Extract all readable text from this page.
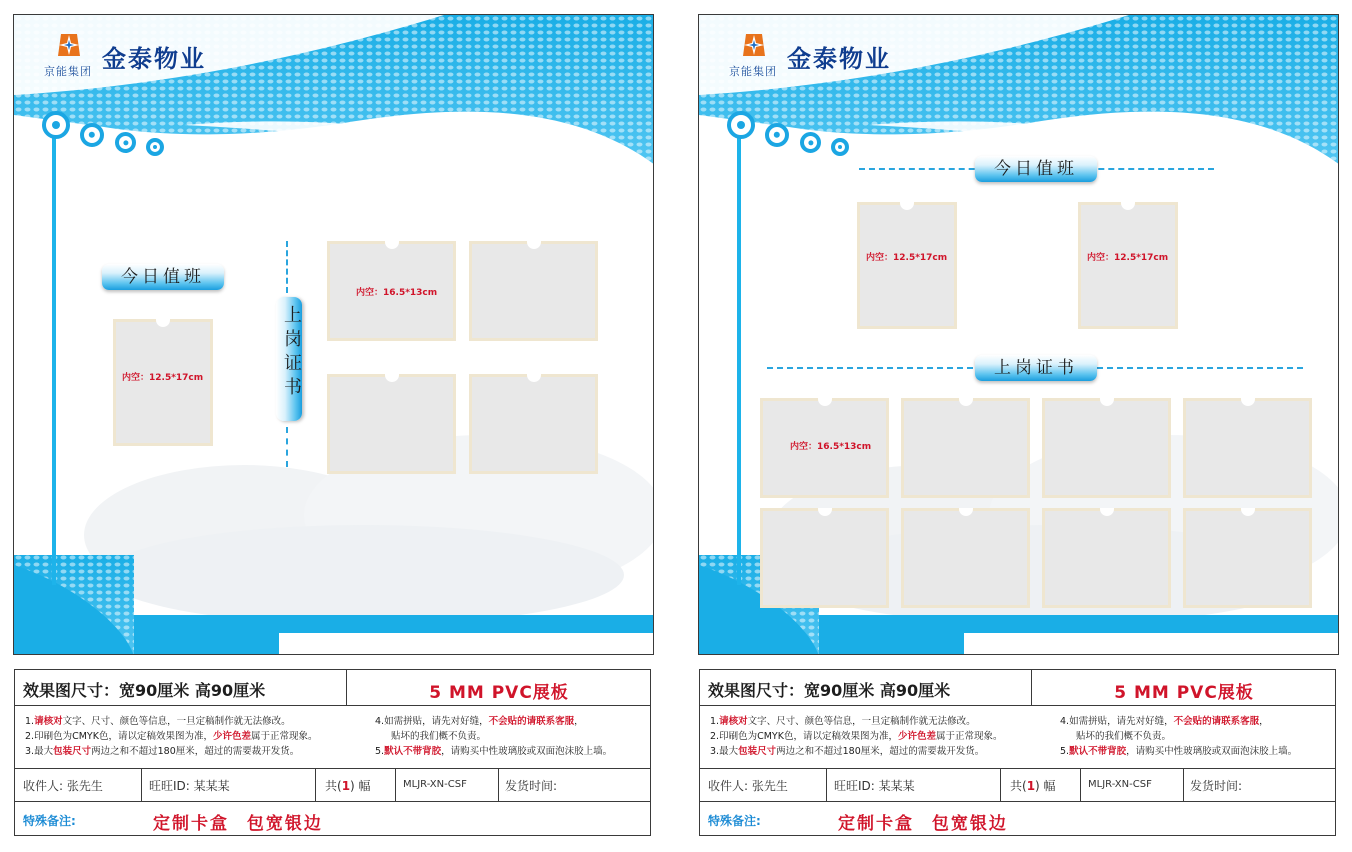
京能集团 金泰物业
今日值班
内空：12.5*17cm	上岗证书
内空：16.5*13cm
京能集团 金泰物业
今日值班
内空：12.5*17cm	内空：12.5*17cm
上岗证书
内空：16.5*13cm
效果图尺寸：宽90厘米 高90厘米	5 MM PVC展板
1.请核对文字、尺寸、颜色等信息，一旦定稿制作就无法修改。
2.印刷色为CMYK色，请以定稿效果图为准，少许色差属于正常现象。
3.最大包装尺寸两边之和不超过180厘米，超过的需要裁开发货。
4.如需拼贴，请先对好缝，不会贴的请联系客服，
贴坏的我们概不负责。
5.默认不带背胶，请购买中性玻璃胶或双面泡沫胶上墙。
收件人: 张先生	旺旺ID: 某某某	共(1) 幅	MLJR-XN-CSF	发货时间:
特殊备注:	定制卡盒 包宽银边
效果图尺寸：宽90厘米 高90厘米	5 MM PVC展板
1.请核对文字、尺寸、颜色等信息，一旦定稿制作就无法修改。
2.印刷色为CMYK色，请以定稿效果图为准，少许色差属于正常现象。
3.最大包装尺寸两边之和不超过180厘米，超过的需要裁开发货。
4.如需拼贴，请先对好缝，不会贴的请联系客服，
贴坏的我们概不负责。
5.默认不带背胶，请购买中性玻璃胶或双面泡沫胶上墙。
收件人: 张先生	旺旺ID: 某某某	共(1) 幅	MLJR-XN-CSF	发货时间:
特殊备注:	定制卡盒 包宽银边
